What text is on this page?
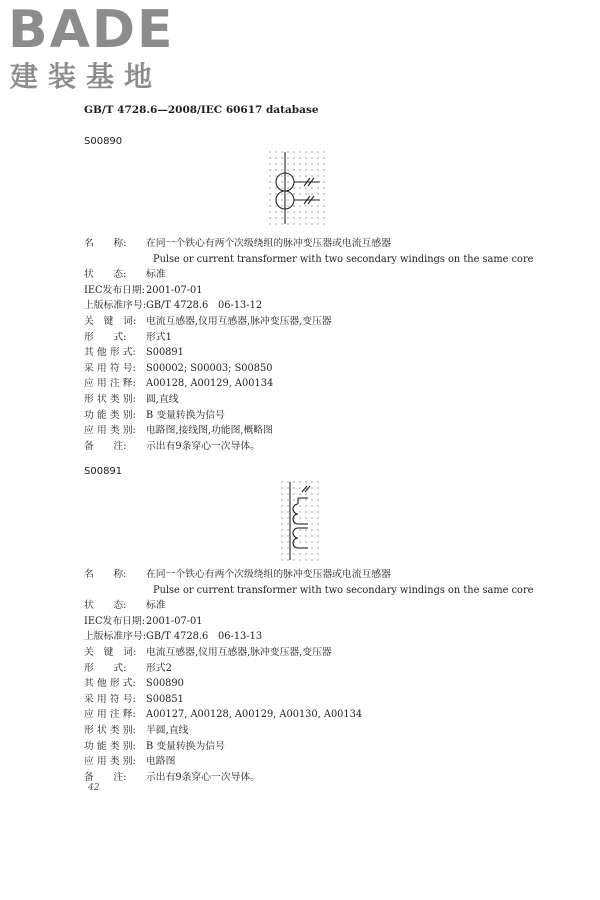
BADE
建装基地
GB/T 4728.6—2008/IEC 60617 database
S00890
名　　称:	在同一个铁心有两个次级绕组的脉冲变压器或电流互感器
Pulse or current transformer with two secondary windings on the same core
状　　态:	标准
IEC发布日期: 2001-07-01
上版标准序号: GB/T 4728.6　06-13-12
关　键　词: 电流互感器,仪用互感器,脉冲变压器,变压器
形　　式:	形式1
其 他 形 式:	S00891
采 用 符 号:	S00002; S00003; S00850
应 用 注 释:	A00128, A00129, A00134
形 状 类 别:	圆,直线
功 能 类 别:	B 变量转换为信号
应 用 类 别:	电路图,接线图,功能图,概略图
备　　注:	示出有9条穿心一次导体。
S00891
名　　称:	在同一个铁心有两个次级绕组的脉冲变压器或电流互感器
Pulse or current transformer with two secondary windings on the same core
状　　态:	标准
IEC发布日期: 2001-07-01
上版标准序号: GB/T 4728.6　06-13-13
关　键　词: 电流互感器,仪用互感器,脉冲变压器,变压器
形　　式:	形式2
其 他 形 式:	S00890
采 用 符 号:	S00851
应 用 注 释:	A00127, A00128, A00129, A00130, A00134
形 状 类 别:	半圆,直线
功 能 类 别:	B 变量转换为信号
应 用 类 别:	电路图
备　　注:	示出有9条穿心一次导体。
42
